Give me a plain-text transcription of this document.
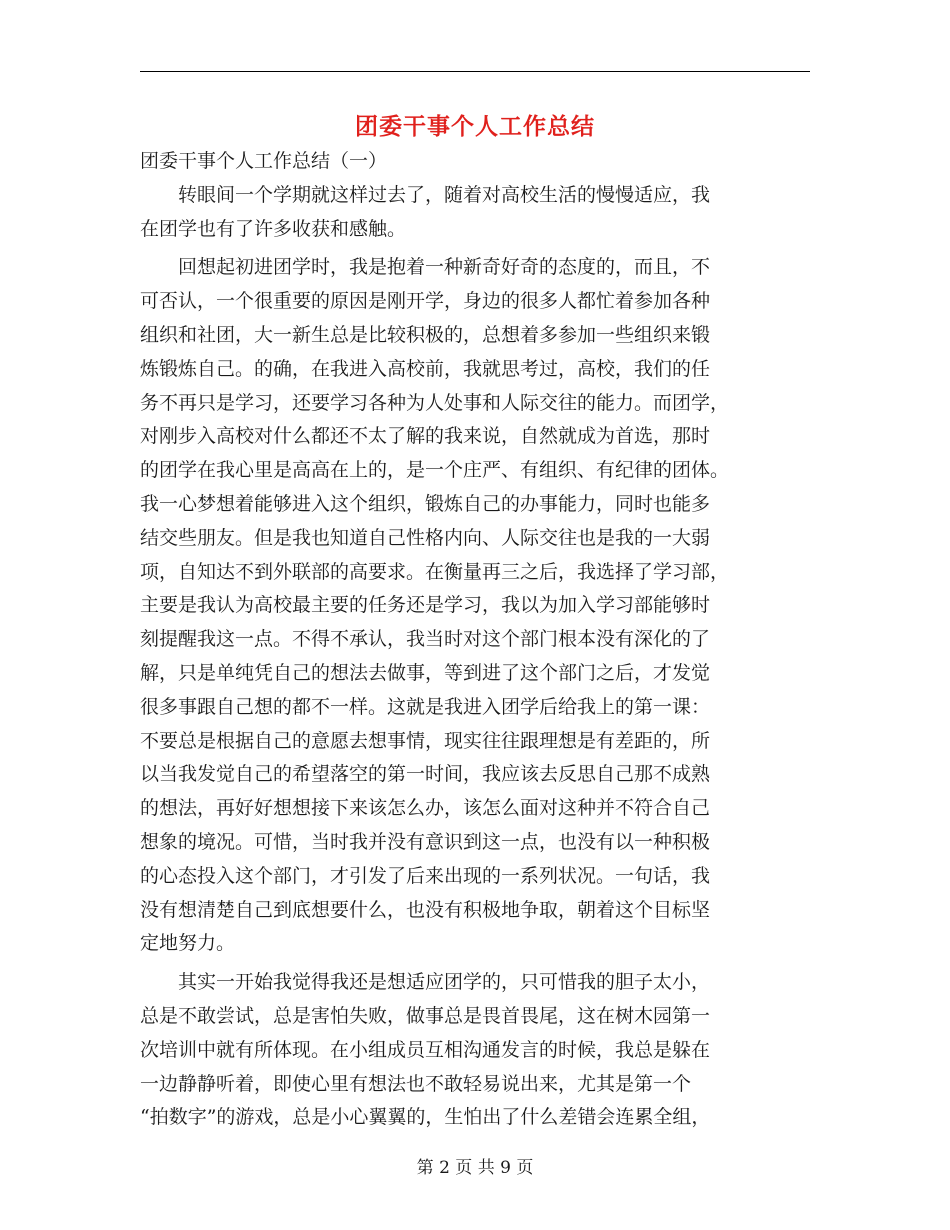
团委干事个人工作总结
团委干事个人工作总结（一）
　　转眼间一个学期就这样过去了，随着对高校生活的慢慢适应，我
在团学也有了许多收获和感触。
　　回想起初进团学时，我是抱着一种新奇好奇的态度的，而且，不
可否认，一个很重要的原因是刚开学，身边的很多人都忙着参加各种
组织和社团，大一新生总是比较积极的，总想着多参加一些组织来锻
炼锻炼自己。的确，在我进入高校前，我就思考过，高校，我们的任
务不再只是学习，还要学习各种为人处事和人际交往的能力。而团学，
对刚步入高校对什么都还不太了解的我来说，自然就成为首选，那时
的团学在我心里是高高在上的，是一个庄严、有组织、有纪律的团体。
我一心梦想着能够进入这个组织，锻炼自己的办事能力，同时也能多
结交些朋友。但是我也知道自己性格内向、人际交往也是我的一大弱
项，自知达不到外联部的高要求。在衡量再三之后，我选择了学习部，
主要是我认为高校最主要的任务还是学习，我以为加入学习部能够时
刻提醒我这一点。不得不承认，我当时对这个部门根本没有深化的了
解，只是单纯凭自己的想法去做事，等到进了这个部门之后，才发觉
很多事跟自己想的都不一样。这就是我进入团学后给我上的第一课：
不要总是根据自己的意愿去想事情，现实往往跟理想是有差距的，所
以当我发觉自己的希望落空的第一时间，我应该去反思自己那不成熟
的想法，再好好想想接下来该怎么办，该怎么面对这种并不符合自己
想象的境况。可惜，当时我并没有意识到这一点，也没有以一种积极
的心态投入这个部门，才引发了后来出现的一系列状况。一句话，我
没有想清楚自己到底想要什么，也没有积极地争取，朝着这个目标坚
定地努力。
　　其实一开始我觉得我还是想适应团学的，只可惜我的胆子太小，
总是不敢尝试，总是害怕失败，做事总是畏首畏尾，这在树木园第一
次培训中就有所体现。在小组成员互相沟通发言的时候，我总是躲在
一边静静听着，即使心里有想法也不敢轻易说出来，尤其是第一个
“拍数字”的游戏，总是小心翼翼的，生怕出了什么差错会连累全组，
第 2 页 共 9 页
